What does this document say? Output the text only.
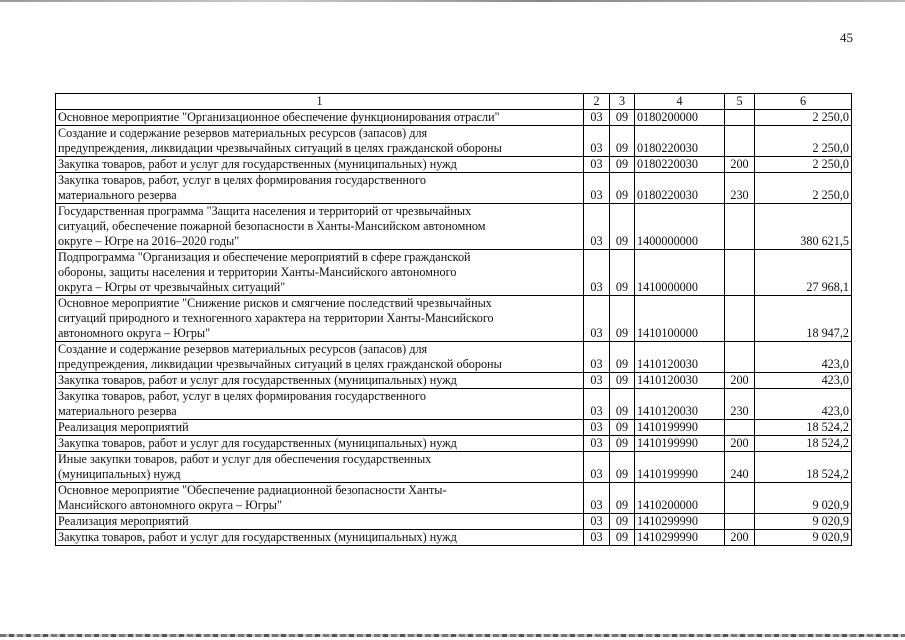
45
1	2	3	4	5	6

Основное мероприятие "Организационное обеспечение функционирования отрасли"	03	09	0180200000		2 250,0

Создание и содержание резервов материальных ресурсов (запасов) для
предупреждения, ликвидации чрезвычайных ситуаций в целях гражданской обороны	03	09	0180220030		2 250,0

Закупка товаров, работ и услуг для государственных (муниципальных) нужд	03	09	0180220030	200	2 250,0

Закупка товаров, работ, услуг в целях формирования государственного
материального резерва	03	09	0180220030	230	2 250,0

Государственная программа "Защита населения и территорий от чрезвычайных
ситуаций, обеспечение пожарной безопасности в Ханты-Мансийском автономном
округе – Югре на 2016–2020 годы"	03	09	1400000000		380 621,5

Подпрограмма "Организация и обеспечение мероприятий в сфере гражданской
обороны, защиты населения и территории Ханты-Мансийского автономного
округа – Югры от чрезвычайных ситуаций"	03	09	1410000000		27 968,1

Основное мероприятие "Снижение рисков и смягчение последствий чрезвычайных
ситуаций природного и техногенного характера на территории Ханты-Мансийского
автономного округа – Югры"	03	09	1410100000		18 947,2

Создание и содержание резервов материальных ресурсов (запасов) для
предупреждения, ликвидации чрезвычайных ситуаций в целях гражданской обороны	03	09	1410120030		423,0

Закупка товаров, работ и услуг для государственных (муниципальных) нужд	03	09	1410120030	200	423,0

Закупка товаров, работ, услуг в целях формирования государственного
материального резерва	03	09	1410120030	230	423,0

Реализация мероприятий	03	09	1410199990		18 524,2

Закупка товаров, работ и услуг для государственных (муниципальных) нужд	03	09	1410199990	200	18 524,2

Иные закупки товаров, работ и услуг для обеспечения государственных
(муниципальных) нужд	03	09	1410199990	240	18 524,2

Основное мероприятие "Обеспечение радиационной безопасности Ханты-
Мансийского автономного округа – Югры"	03	09	1410200000		9 020,9

Реализация мероприятий	03	09	1410299990		9 020,9

Закупка товаров, работ и услуг для государственных (муниципальных) нужд	03	09	1410299990	200	9 020,9
